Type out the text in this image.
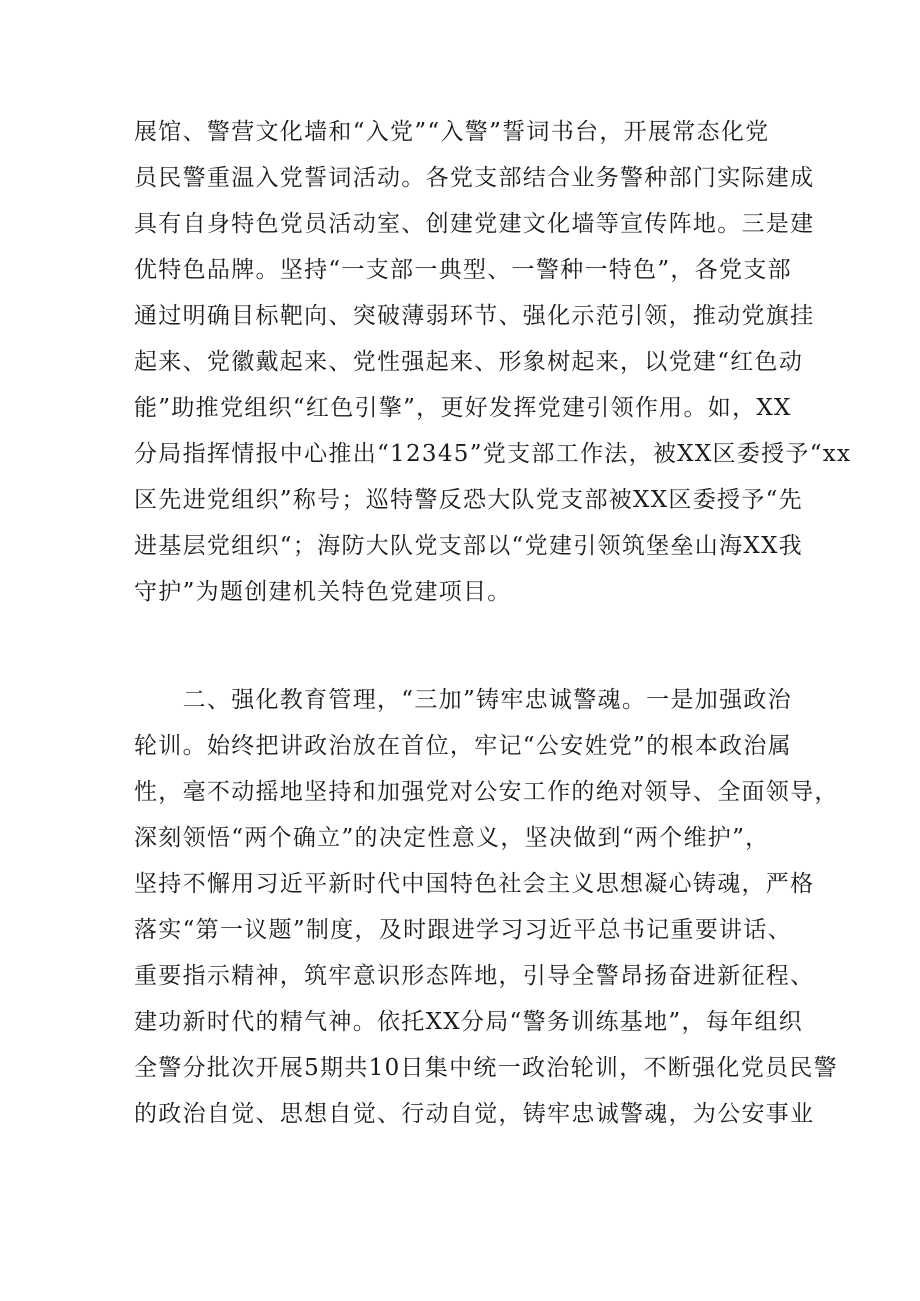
展馆、警营文化墙和“入党”“入警”誓词书台，开展常态化党
员民警重温入党誓词活动。各党支部结合业务警种部门实际建成
具有自身特色党员活动室、创建党建文化墙等宣传阵地。三是建
优特色品牌。坚持“一支部一典型、一警种一特色”，各党支部
通过明确目标靶向、突破薄弱环节、强化示范引领，推动党旗挂
起来、党徽戴起来、党性强起来、形象树起来，以党建“红色动
能”助推党组织“红色引擎”，更好发挥党建引领作用。如，XX
分局指挥情报中心推出“12345”党支部工作法，被XX区委授予“xx
区先进党组织”称号；巡特警反恐大队党支部被XX区委授予“先
进基层党组织“；海防大队党支部以“党建引领筑堡垒山海XX我
守护”为题创建机关特色党建项目。
　　二、强化教育管理，“三加”铸牢忠诚警魂。一是加强政治
轮训。始终把讲政治放在首位，牢记“公安姓党”的根本政治属
性，毫不动摇地坚持和加强党对公安工作的绝对领导、全面领导，
深刻领悟“两个确立”的决定性意义，坚决做到“两个维护”，
坚持不懈用习近平新时代中国特色社会主义思想凝心铸魂，严格
落实“第一议题”制度，及时跟进学习习近平总书记重要讲话、
重要指示精神，筑牢意识形态阵地，引导全警昂扬奋进新征程、
建功新时代的精气神。依托XX分局“警务训练基地”，每年组织
全警分批次开展5期共10日集中统一政治轮训，不断强化党员民警
的政治自觉、思想自觉、行动自觉，铸牢忠诚警魂，为公安事业
